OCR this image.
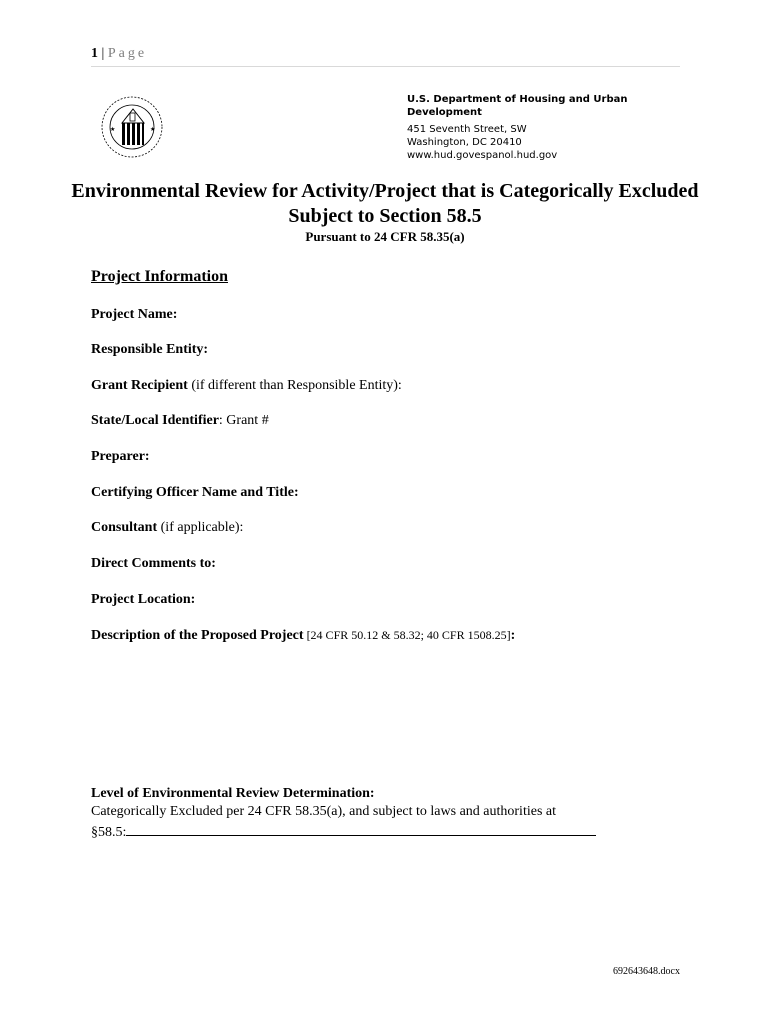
1 | Page
★	★
U.S. Department of Housing and Urban Development
451 Seventh Street, SW
Washington, DC 20410
www.hud.govespanol.hud.gov
Environmental Review for Activity/Project that is Categorically Excluded Subject to Section 58.5
Pursuant to 24 CFR 58.35(a)
Project Information
Project Name:
Responsible Entity:
Grant Recipient (if different than Responsible Entity):
State/Local Identifier: Grant #
Preparer:
Certifying Officer Name and Title:
Consultant (if applicable):
Direct Comments to:
Project Location:
Description of the Proposed Project [24 CFR 50.12 & 58.32; 40 CFR 1508.25]:
Level of Environmental Review Determination:
Categorically Excluded per 24 CFR 58.35(a), and subject to laws and authorities at
§58.5:
692643648.docx
